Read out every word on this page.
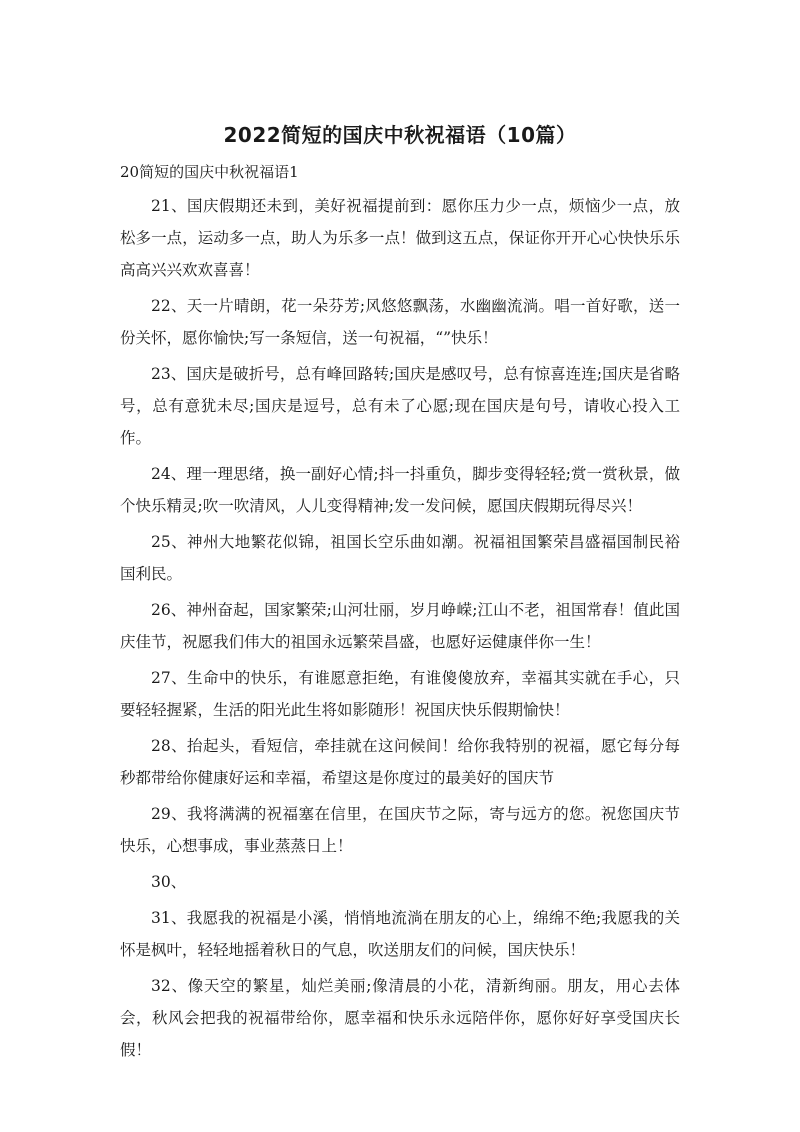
2022简短的国庆中秋祝福语（10篇）
20简短的国庆中秋祝福语1
21、国庆假期还未到，美好祝福提前到：愿你压力少一点，烦恼少一点，放松多一点，运动多一点，助人为乐多一点！做到这五点，保证你开开心心快快乐乐高高兴兴欢欢喜喜！
22、天一片晴朗，花一朵芬芳;风悠悠飘荡，水幽幽流淌。唱一首好歌，送一份关怀，愿你愉快;写一条短信，送一句祝福，“”快乐！
23、国庆是破折号，总有峰回路转;国庆是感叹号，总有惊喜连连;国庆是省略号，总有意犹未尽;国庆是逗号，总有未了心愿;现在国庆是句号，请收心投入工作。
24、理一理思绪，换一副好心情;抖一抖重负，脚步变得轻轻;赏一赏秋景，做个快乐精灵;吹一吹清风，人儿变得精神;发一发问候，愿国庆假期玩得尽兴！
25、神州大地繁花似锦，祖国长空乐曲如潮。祝福祖国繁荣昌盛福国制民裕国利民。
26、神州奋起，国家繁荣;山河壮丽，岁月峥嵘;江山不老，祖国常春！值此国庆佳节，祝愿我们伟大的祖国永远繁荣昌盛，也愿好运健康伴你一生！
27、生命中的快乐，有谁愿意拒绝，有谁傻傻放弃，幸福其实就在手心，只要轻轻握紧，生活的阳光此生将如影随形！祝国庆快乐假期愉快！
28、抬起头，看短信，牵挂就在这问候间！给你我特别的祝福，愿它每分每秒都带给你健康好运和幸福，希望这是你度过的最美好的国庆节
29、我将满满的祝福塞在信里，在国庆节之际，寄与远方的您。祝您国庆节快乐，心想事成，事业蒸蒸日上！
30、
31、我愿我的祝福是小溪，悄悄地流淌在朋友的心上，绵绵不绝;我愿我的关怀是枫叶，轻轻地摇着秋日的气息，吹送朋友们的问候，国庆快乐！
32、像天空的繁星，灿烂美丽;像清晨的小花，清新绚丽。朋友，用心去体会，秋风会把我的祝福带给你，愿幸福和快乐永远陪伴你，愿你好好享受国庆长假！
